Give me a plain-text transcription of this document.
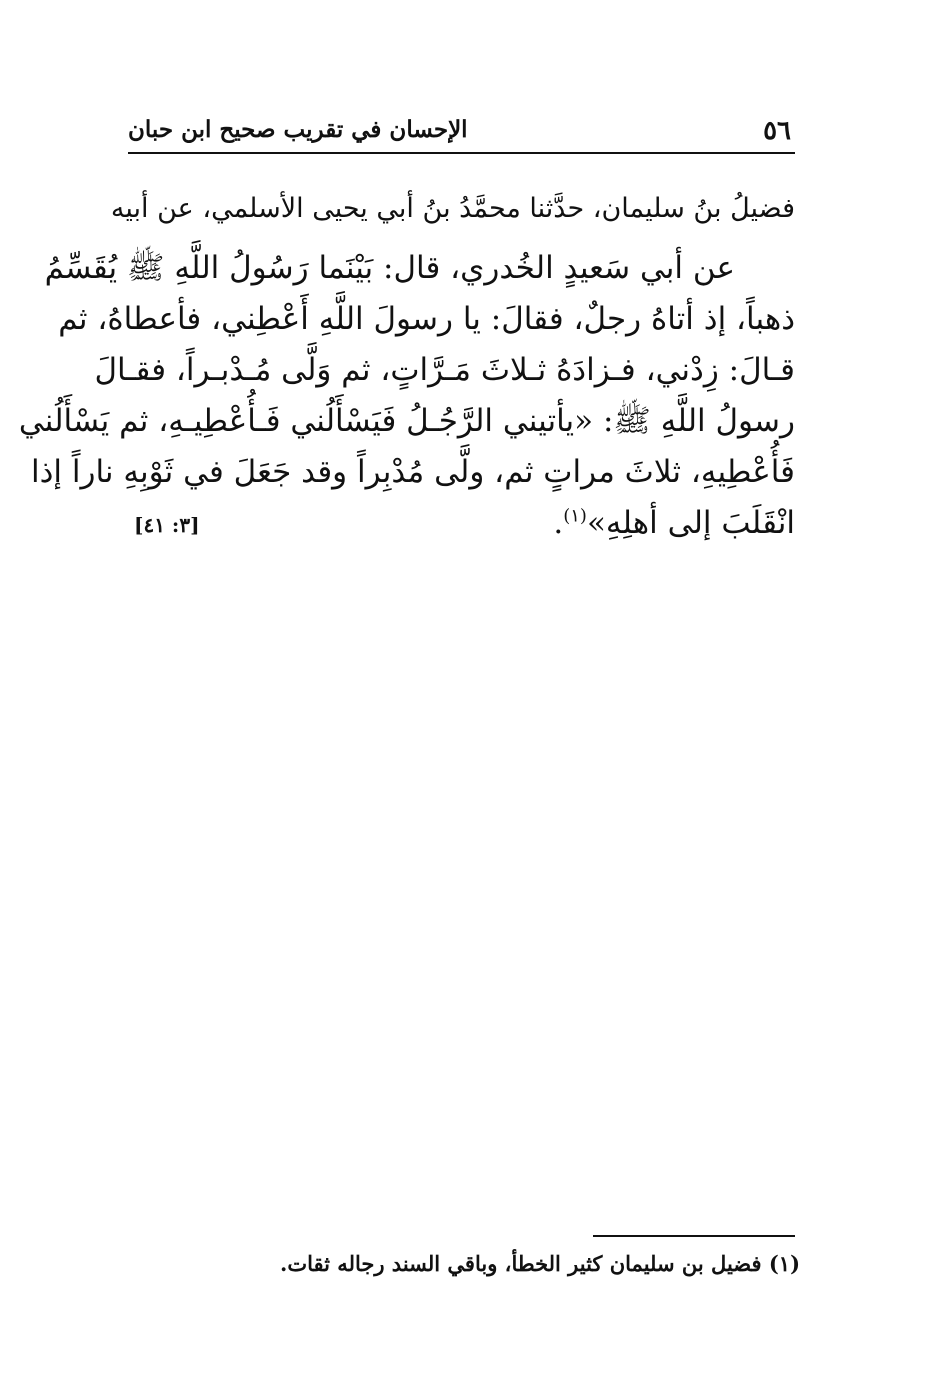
٥٦
الإحسان في تقريب صحيح ابن حبان
فضيلُ بنُ سليمان، حدَّثنا محمَّدُ بنُ أبي يحيى الأسلمي، عن أبيه
عن أبي سَعيدٍ الخُدري، قال: بَيْنَما رَسُولُ اللَّهِ ﷺ يُقَسِّمُ
ذهباً، إذ أتاهُ رجلٌ، فقالَ: يا رسولَ اللَّهِ أَعْطِني، فأعطاهُ، ثم
قـالَ: زِدْني، فـزادَهُ ثـلاثَ مَـرَّاتٍ، ثم وَلَّى مُـدْبـراً، فقـالَ
رسولُ اللَّهِ ﷺ: «يأتيني الرَّجُـلُ فَيَسْأَلُني فَـأُعْطِيـهِ، ثم يَسْأَلُني
فَأُعْطِيهِ، ثلاثَ مراتٍ ثم، ولَّى مُدْبِراً وقد جَعَلَ في ثَوْبِهِ ناراً إذا
انْقَلَبَ إلى أهلِهِ»$^{(١)}$.
[٣: ٤١]
(١) فضيل بن سليمان كثير الخطأ، وباقي السند رجاله ثقات.
